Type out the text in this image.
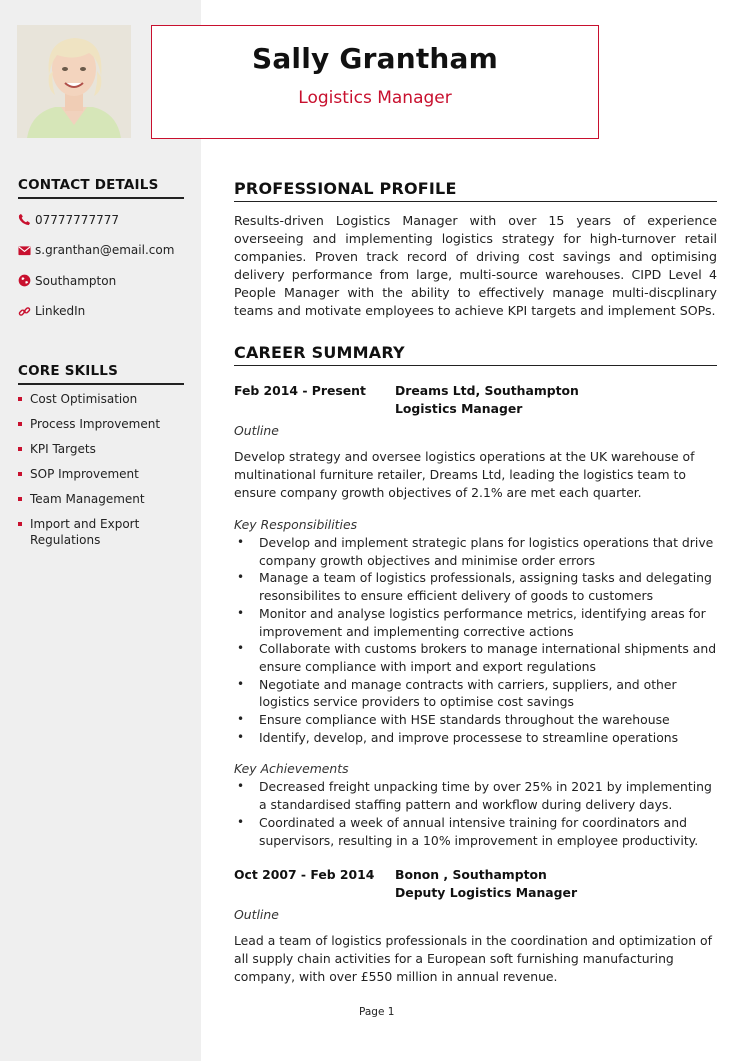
Sally Grantham
Logistics Manager
CONTACT DETAILS
07777777777
s.granthan@email.com
Southampton
LinkedIn
CORE SKILLS
Cost Optimisation
Process Improvement
KPI Targets
SOP Improvement
Team Management
Import and Export Regulations
PROFESSIONAL PROFILE

Results-driven Logistics Manager with over 15 years of experience overseeing and implementing logistics strategy for high-turnover retail companies. Proven track record of driving cost savings and optimising delivery performance from large, multi-source warehouses. CIPD Level 4 People Manager with the ability to effectively manage multi-discplinary teams and motivate employees to achieve KPI targets and implement SOPs.

CAREER SUMMARY
Feb 2014 - Present	Dreams Ltd, Southampton
Logistics Manager
Outline

Develop strategy and oversee logistics operations at the UK warehouse of multinational furniture retailer, Dreams Ltd, leading the logistics team to ensure company growth objectives of 2.1% are met each quarter.

Key Responsibilities
• Develop and implement strategic plans for logistics operations that drive company growth objectives and minimise order errors
• Manage a team of logistics professionals, assigning tasks and delegating resonsibilites to ensure efficient delivery of goods to customers
• Monitor and analyse logistics performance metrics, identifying areas for improvement and implementing corrective actions
• Collaborate with customs brokers to manage international shipments and ensure compliance with import and export regulations
• Negotiate and manage contracts with carriers, suppliers, and other logistics service providers to optimise cost savings
• Ensure compliance with HSE standards throughout the warehouse
• Identify, develop, and improve processese to streamline operations
Key Achievements
• Decreased freight unpacking time by over 25% in 2021 by implementing a standardised staffing pattern and workflow during delivery days.
• Coordinated a week of annual intensive training for coordinators and supervisors, resulting in a 10% improvement in employee productivity.
Oct 2007 - Feb 2014	Bonon , Southampton
Deputy Logistics Manager
Outline

Lead a team of logistics professionals in the coordination and optimization of all supply chain activities for a European soft furnishing manufacturing company, with over £550 million in annual revenue.

Page 1
